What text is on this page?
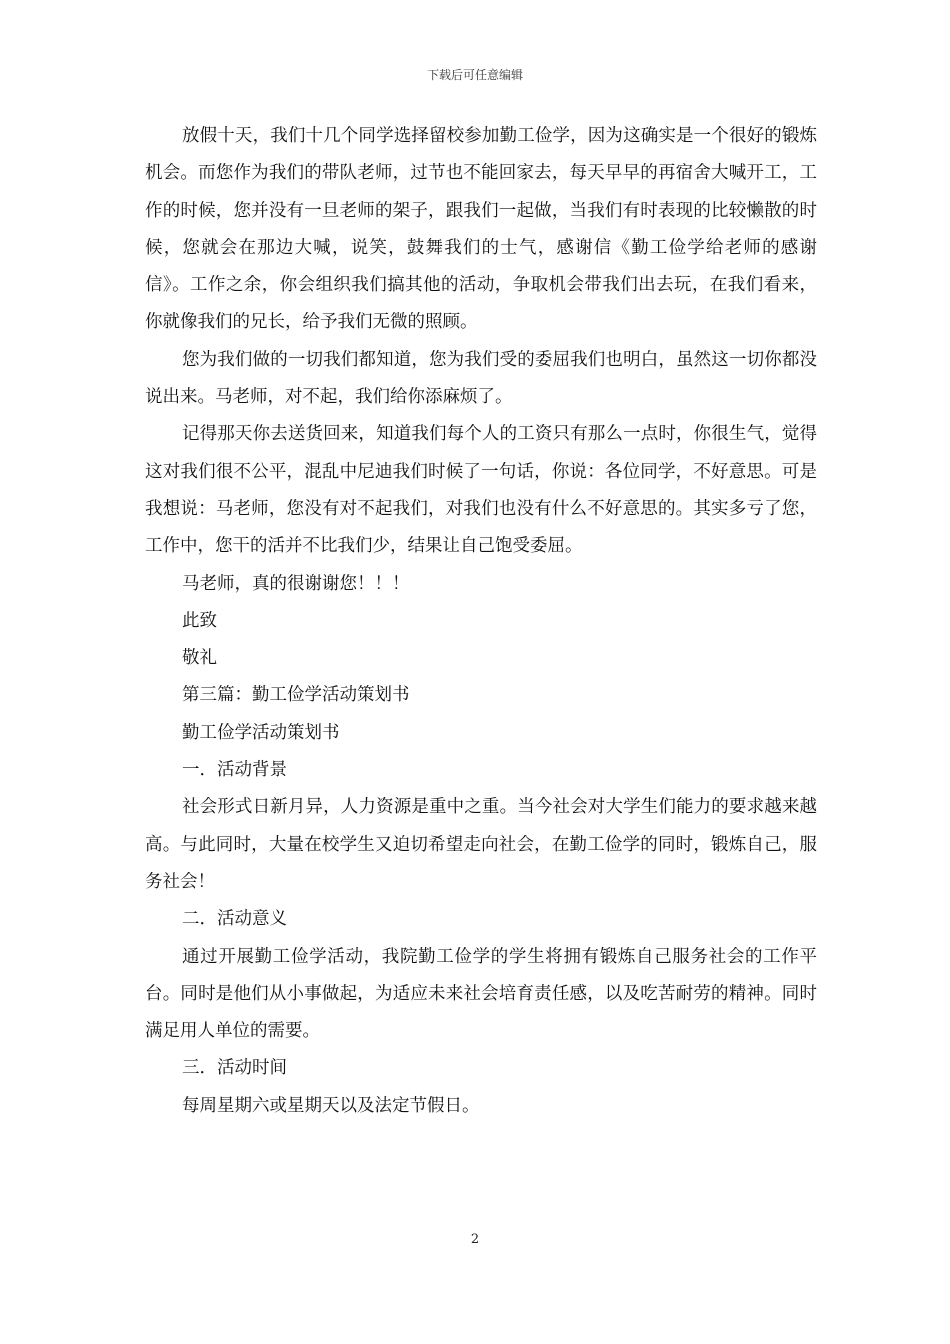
下载后可任意编辑

放假十天，我们十几个同学选择留校参加勤工俭学，因为这确实是一个很好的锻炼机会。而您作为我们的带队老师，过节也不能回家去，每天早早的再宿舍大喊开工，工作的时候，您并没有一旦老师的架子，跟我们一起做，当我们有时表现的比较懒散的时候，您就会在那边大喊，说笑，鼓舞我们的士气，感谢信《勤工俭学给老师的感谢信》。工作之余，你会组织我们搞其他的活动，争取机会带我们出去玩，在我们看来，你就像我们的兄长，给予我们无微的照顾。

您为我们做的一切我们都知道，您为我们受的委屈我们也明白，虽然这一切你都没说出来。马老师，对不起，我们给你添麻烦了。

记得那天你去送货回来，知道我们每个人的工资只有那么一点时，你很生气，觉得这对我们很不公平，混乱中尼迪我们时候了一句话，你说：各位同学，不好意思。可是我想说：马老师，您没有对不起我们，对我们也没有什么不好意思的。其实多亏了您，工作中，您干的活并不比我们少，结果让自己饱受委屈。

马老师，真的很谢谢您！！！

此致

敬礼

第三篇：勤工俭学活动策划书

勤工俭学活动策划书

一．活动背景

社会形式日新月异，人力资源是重中之重。当今社会对大学生们能力的要求越来越高。与此同时，大量在校学生又迫切希望走向社会，在勤工俭学的同时，锻炼自己，服务社会！

二．活动意义

通过开展勤工俭学活动，我院勤工俭学的学生将拥有锻炼自己服务社会的工作平台。同时是他们从小事做起，为适应未来社会培育责任感，以及吃苦耐劳的精神。同时满足用人单位的需要。

三．活动时间

每周星期六或星期天以及法定节假日。

2
